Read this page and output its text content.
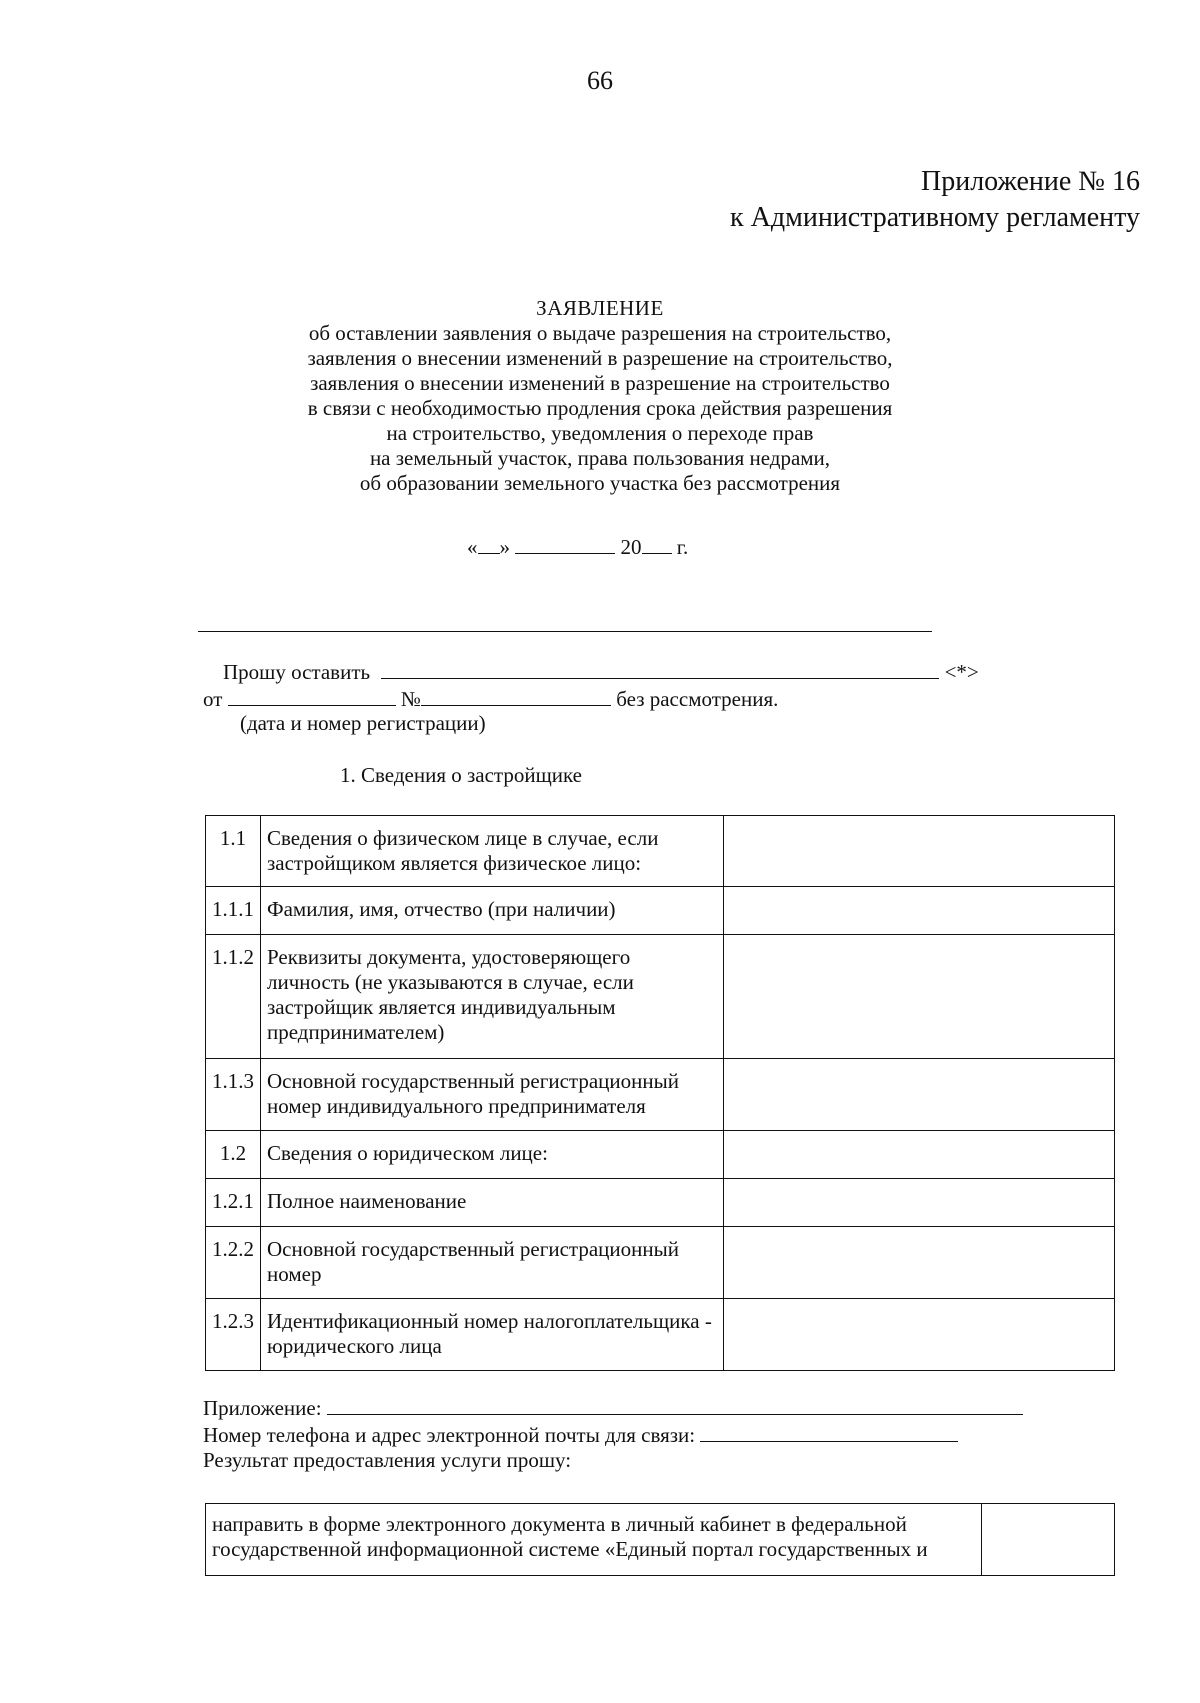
66
Приложение № 16
к Административному регламенту
ЗАЯВЛЕНИЕ
об оставлении заявления о выдаче разрешения на строительство,
заявления о внесении изменений в разрешение на строительство,
заявления о внесении изменений в разрешение на строительство
в связи с необходимостью продления срока действия разрешения
на строительство, уведомления о переходе прав
на земельный участок, права пользования недрами,
об образовании земельного участка без рассмотрения
« »	20 г.
Прошу оставить	<*>
от	№	без рассмотрения.
(дата и номер регистрации)
1. Сведения о застройщике
1.1	Сведения о физическом лице в случае, если застройщиком является физическое лицо:	
1.1.1	Фамилия, имя, отчество (при наличии)	
1.1.2	Реквизиты документа, удостоверяющего личность (не указываются в случае, если застройщик является индивидуальным предпринимателем)	
1.1.3	Основной государственный регистрационный номер индивидуального предпринимателя	
1.2	Сведения о юридическом лице:	
1.2.1	Полное наименование	
1.2.2	Основной государственный регистрационный номер	
1.2.3	Идентификационный номер налогоплательщика - юридического лица	
Приложение:
Номер телефона и адрес электронной почты для связи:
Результат предоставления услуги прошу:
направить в форме электронного документа в личный кабинет в федеральной государственной информационной системе «Единый портал государственных и	
